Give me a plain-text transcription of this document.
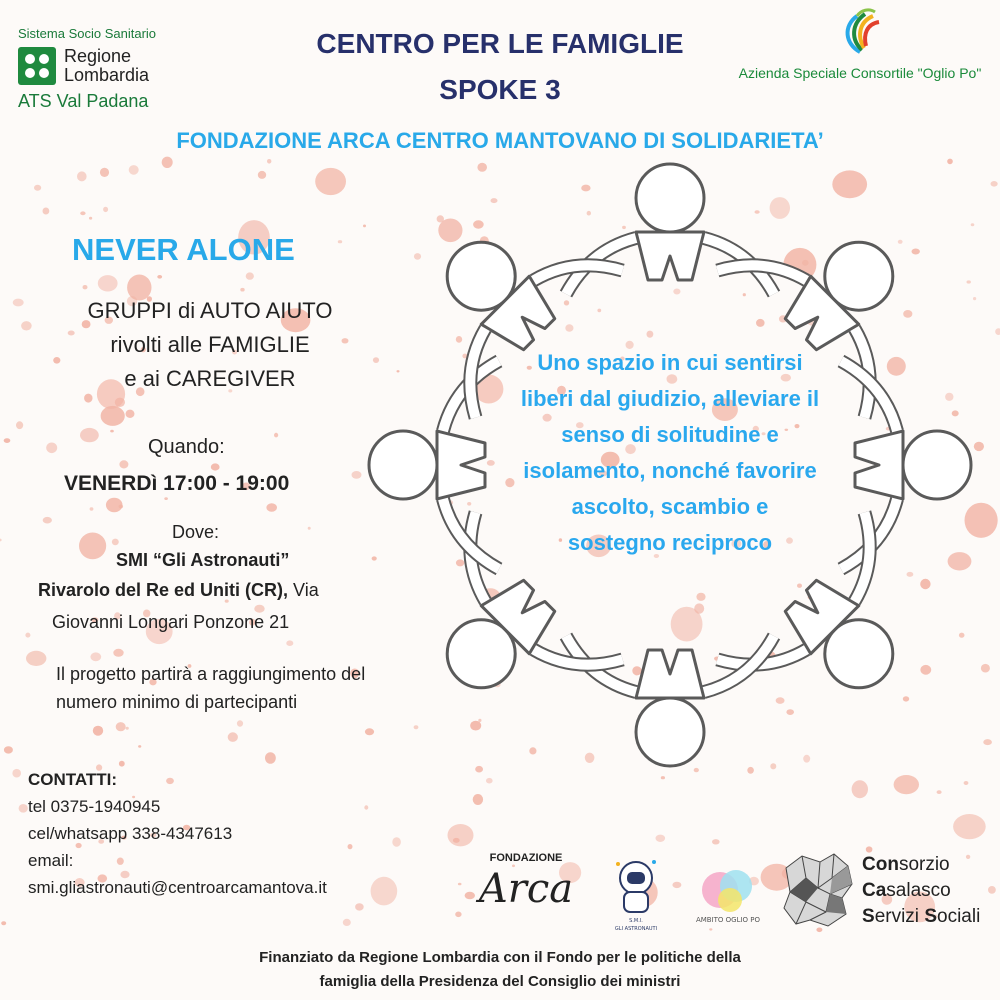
Sistema Socio Sanitario
Regione
Lombardia
ATS Val Padana
CENTRO PER LE FAMIGLIE
SPOKE 3
Azienda Speciale Consortile "Oglio Po"
FONDAZIONE ARCA CENTRO MANTOVANO DI SOLIDARIETA’
NEVER ALONE
GRUPPI di AUTO AIUTO
rivolti alle FAMIGLIE
e ai CAREGIVER
Quando:
VENERDì 17:00 - 19:00
Dove:
SMI “Gli Astronauti”
Rivarolo del Re ed Uniti (CR), Via
Giovanni Longari Ponzone 21
Il progetto partirà a raggiungimento del numero minimo di partecipanti
CONTATTI:
tel 0375-1940945
cel/whatsapp 338-4347613
email:
smi.gliastronauti@centroarcamantova.it
Uno spazio in cui sentirsi liberi dal giudizio, alleviare il senso di solitudine e isolamento, nonché favorire ascolto, scambio e sostegno reciproco
FONDAZIONE
Arca
S.M.I.
GLI ASTRONAUTI
AMBITO OGLIO PO
Consorzio
Casalasco
Servizi Sociali
Finanziato da Regione Lombardia con il Fondo per le politiche della
famiglia della Presidenza del Consiglio dei ministri
